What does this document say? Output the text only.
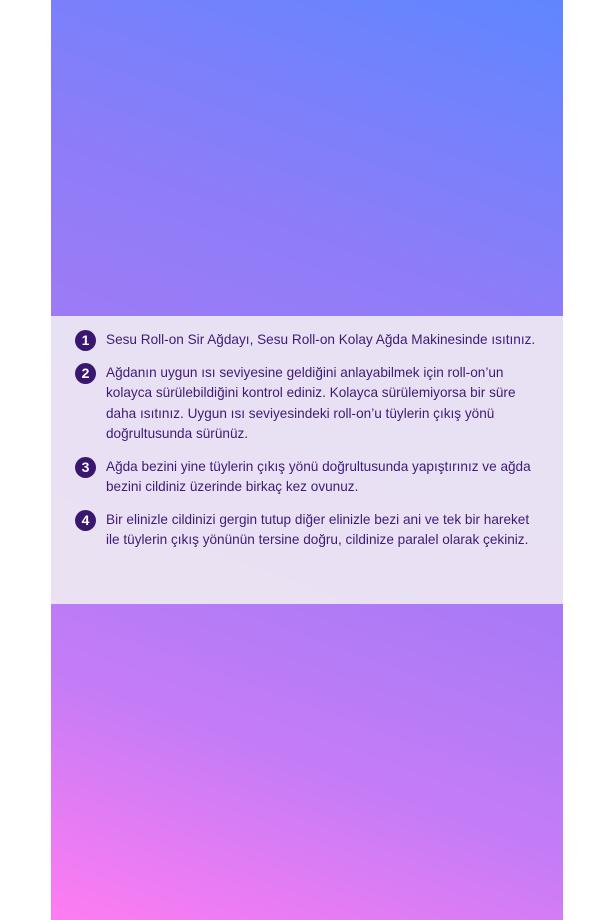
1	Sesu Roll-on Sir Ağdayı, Sesu Roll-on Kolay Ağda Makinesinde ısıtınız.
2	Ağdanın uygun ısı seviyesine geldiğini anlayabilmek için roll-on’un kolayca sürülebildiğini kontrol ediniz. Kolayca sürülemiyorsa bir süre daha ısıtınız. Uygun ısı seviyesindeki roll-on’u tüylerin çıkış yönü doğrultusunda sürünüz.
3	Ağda bezini yine tüylerin çıkış yönü doğrultusunda yapıştırınız ve ağda bezini cildiniz üzerinde birkaç kez ovunuz.
4	Bir elinizle cildinizi gergin tutup diğer elinizle bezi ani ve tek bir hareket ile tüylerin çıkış yönünün tersine doğru, cildinize paralel olarak çekiniz.
